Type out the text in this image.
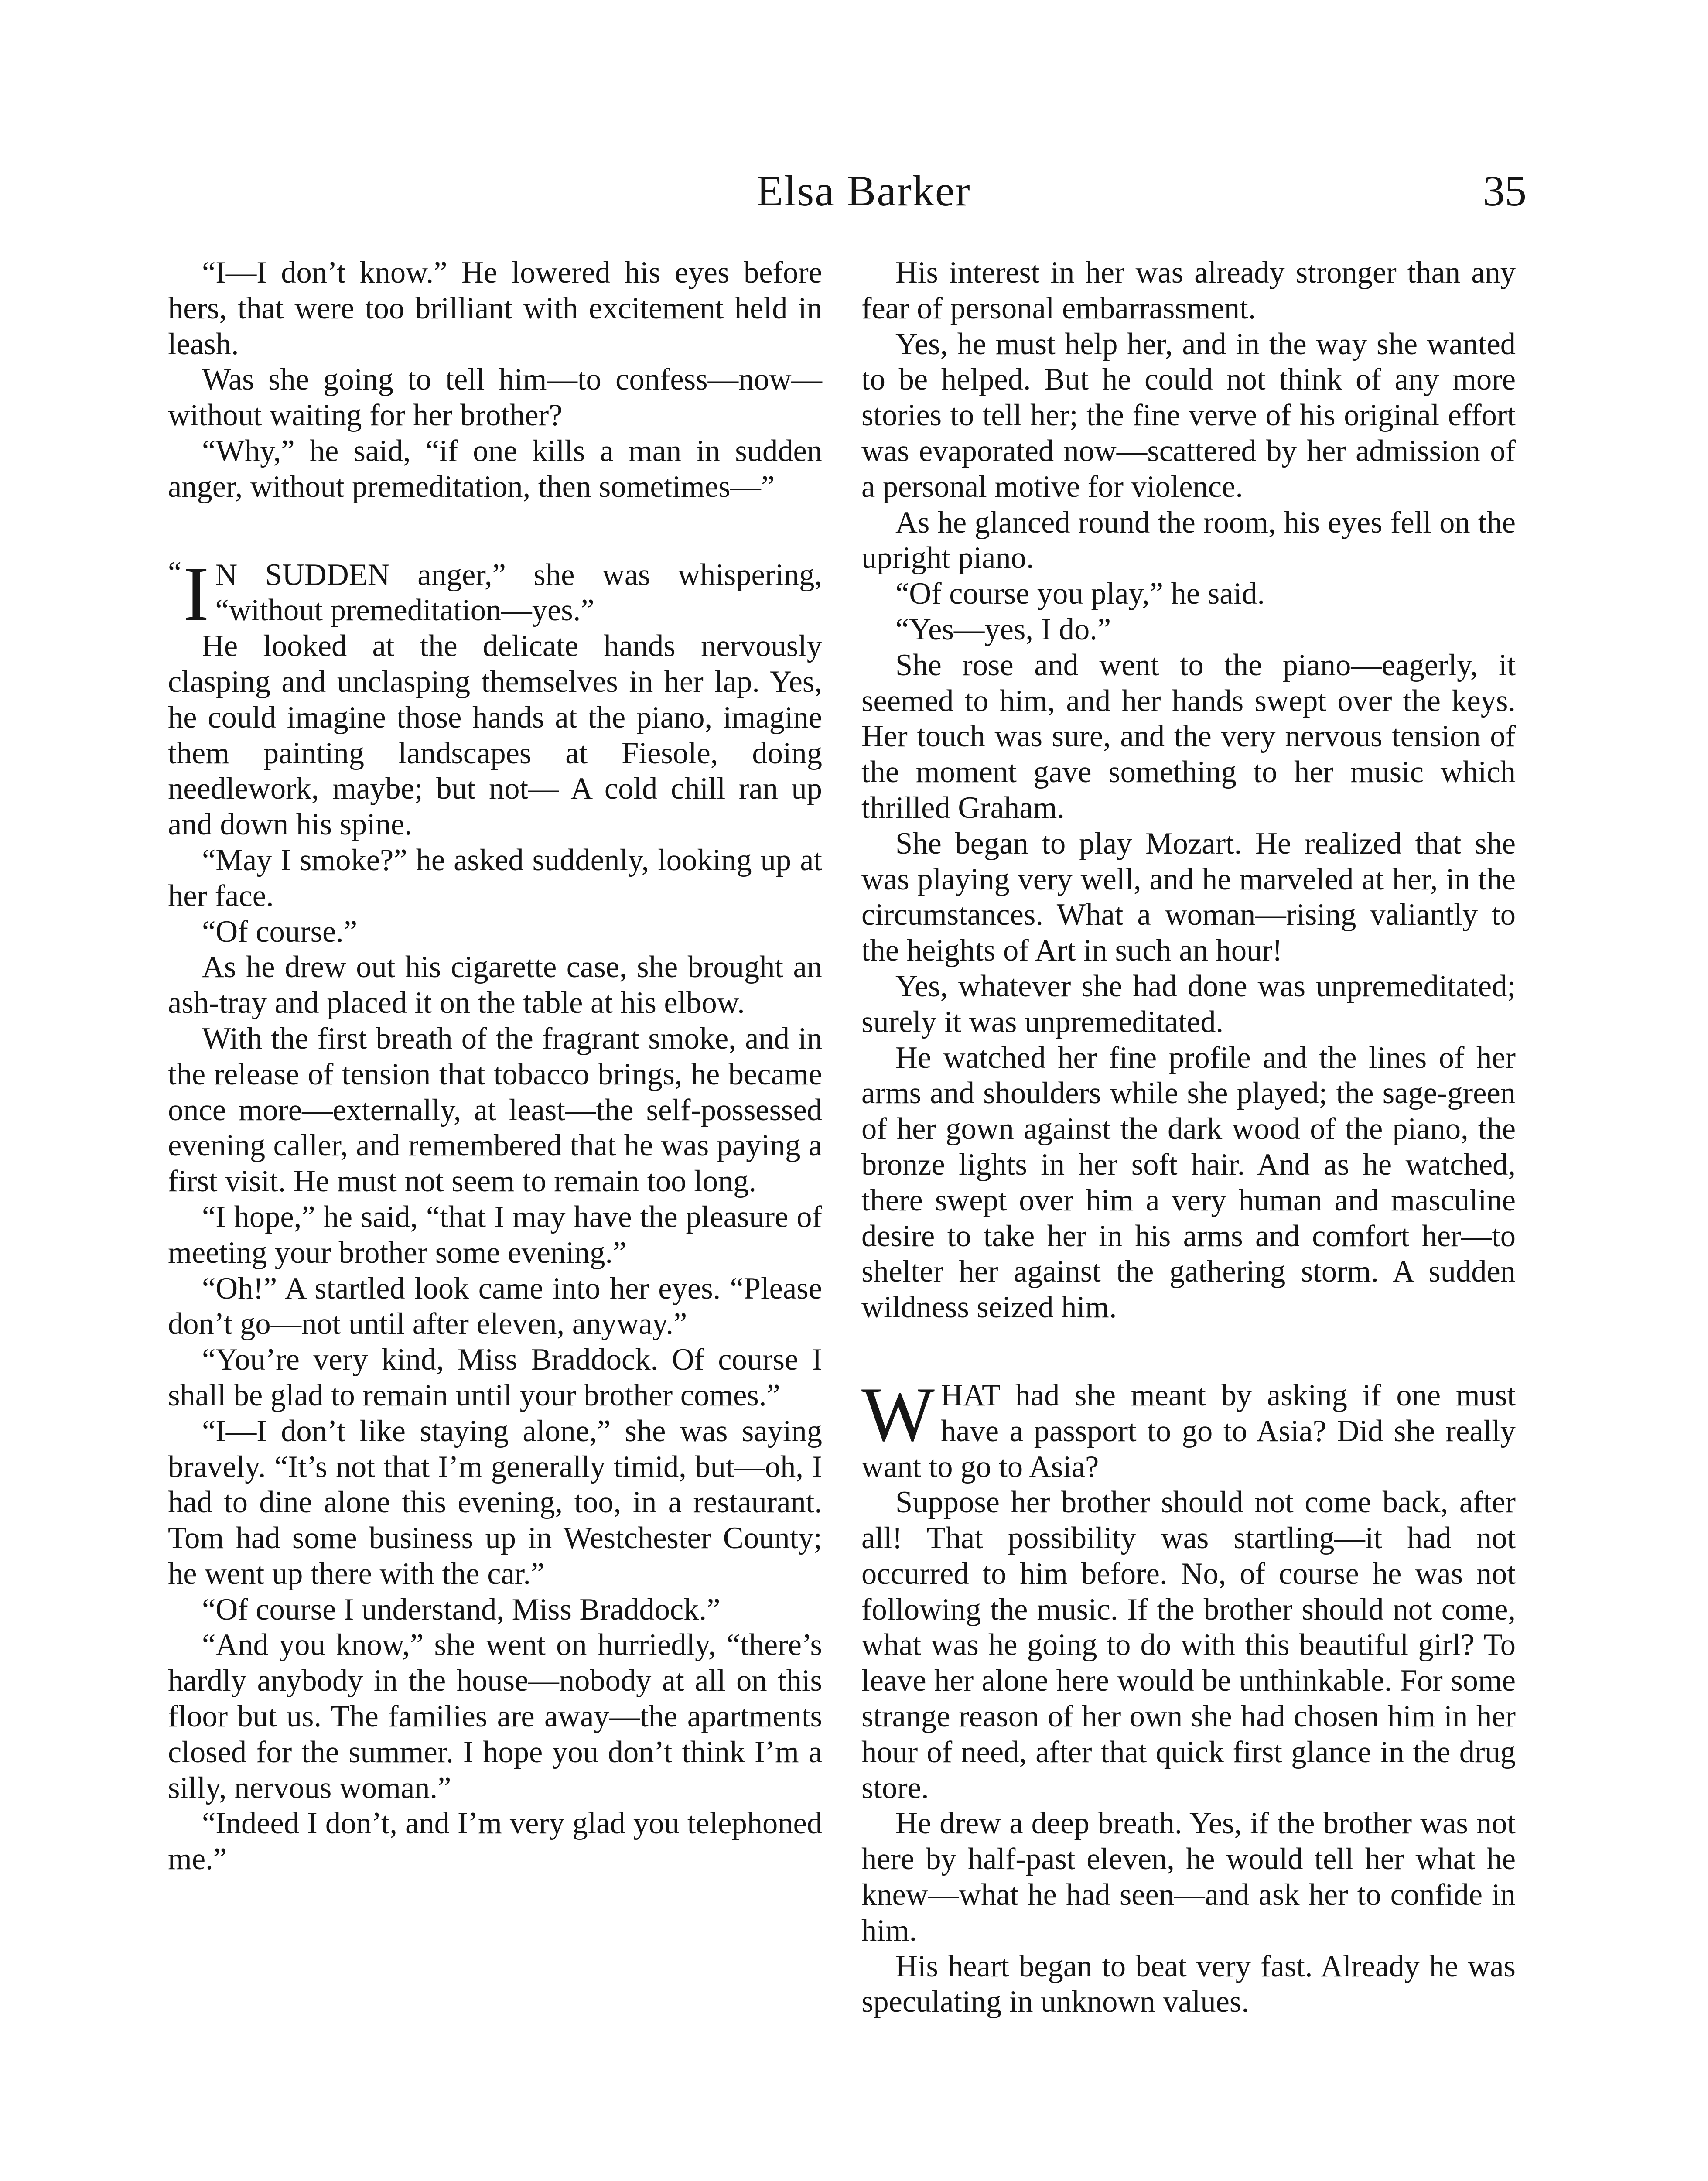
Elsa Barker	35

“I—I don’t know.” He lowered his eyes before hers, that were too brilliant with excitement held in leash.

Was she going to tell him—to confess—now—without waiting for her brother?

“Why,” he said, “if one kills a man in sudden anger, without premeditation, then sometimes—”

“ I N SUDDEN anger,” she was whispering, “without premeditation—yes.”

He looked at the delicate hands nervously clasping and unclasping themselves in her lap. Yes, he could imagine those hands at the piano, imagine them painting landscapes at Fiesole, doing needlework, maybe; but not— A cold chill ran up and down his spine.

“May I smoke?” he asked suddenly, looking up at her face.

“Of course.”

As he drew out his cigarette case, she brought an ash-tray and placed it on the table at his elbow.

With the first breath of the fragrant smoke, and in the release of tension that tobacco brings, he became once more—externally, at least—the self-possessed evening caller, and remembered that he was paying a first visit. He must not seem to remain too long.

“I hope,” he said, “that I may have the pleasure of meeting your brother some evening.”

“Oh!” A startled look came into her eyes. “Please don’t go—not until after eleven, anyway.”

“You’re very kind, Miss Braddock. Of course I shall be glad to remain until your brother comes.”

“I—I don’t like staying alone,” she was saying bravely. “It’s not that I’m generally timid, but—oh, I had to dine alone this evening, too, in a restaurant. Tom had some business up in Westchester County; he went up there with the car.”

“Of course I understand, Miss Braddock.”

“And you know,” she went on hurriedly, “there’s hardly anybody in the house—nobody at all on this floor but us. The families are away—the apartments closed for the summer. I hope you don’t think I’m a silly, nervous woman.”

“Indeed I don’t, and I’m very glad you telephoned me.”

His interest in her was already stronger than any fear of personal embarrassment.

Yes, he must help her, and in the way she wanted to be helped. But he could not think of any more stories to tell her; the fine verve of his original effort was evaporated now—scattered by her admission of a personal motive for violence.

As he glanced round the room, his eyes fell on the upright piano.

“Of course you play,” he said.

“Yes—yes, I do.”

She rose and went to the piano—eagerly, it seemed to him, and her hands swept over the keys. Her touch was sure, and the very nervous tension of the moment gave something to her music which thrilled Graham.

She began to play Mozart. He realized that she was playing very well, and he marveled at her, in the circumstances. What a woman—rising valiantly to the heights of Art in such an hour!

Yes, whatever she had done was unpremeditated; surely it was unpremeditated.

He watched her fine profile and the lines of her arms and shoulders while she played; the sage-green of her gown against the dark wood of the piano, the bronze lights in her soft hair. And as he watched, there swept over him a very human and masculine desire to take her in his arms and comfort her—to shelter her against the gathering storm. A sudden wildness seized him.

WHAT had she meant by asking if one must have a passport to go to Asia? Did she really want to go to Asia?

Suppose her brother should not come back, after all! That possibility was startling—it had not occurred to him before. No, of course he was not following the music. If the brother should not come, what was he going to do with this beautiful girl? To leave her alone here would be unthinkable. For some strange reason of her own she had chosen him in her hour of need, after that quick first glance in the drug store.

He drew a deep breath. Yes, if the brother was not here by half-past eleven, he would tell her what he knew—what he had seen—and ask her to confide in him.

His heart began to beat very fast. Already he was speculating in unknown values.
